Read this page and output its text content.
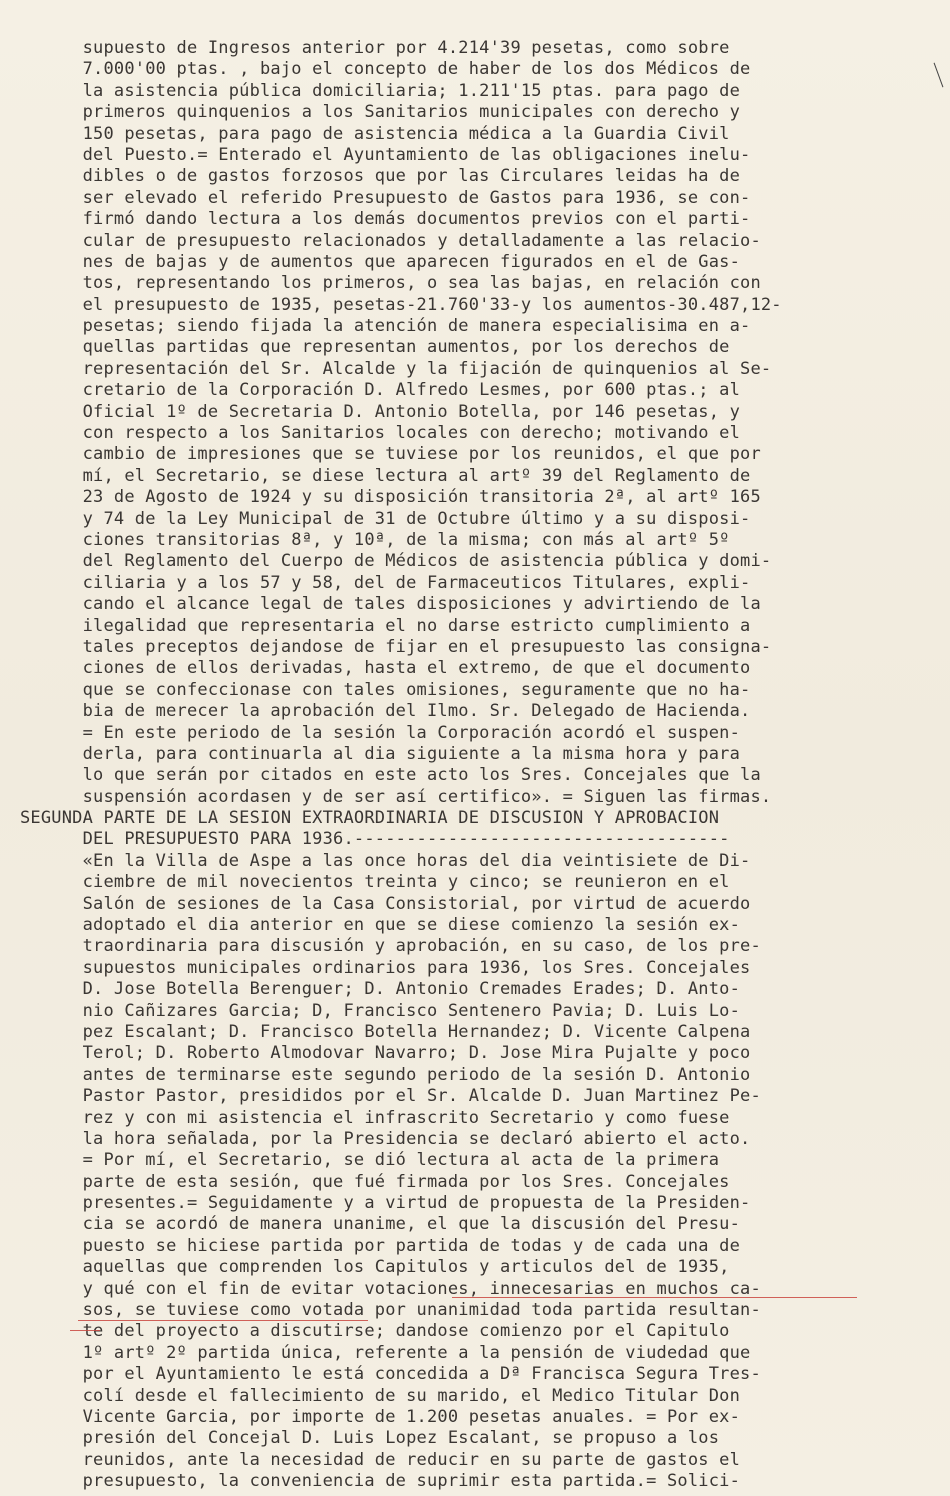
supuesto de Ingresos anterior por 4.214'39 pesetas, como sobre
7.000'00 ptas. , bajo el concepto de haber de los dos Médicos de
la asistencia pública domiciliaria; 1.211'15 ptas. para pago de
primeros quinquenios a los Sanitarios municipales con derecho y
150 pesetas, para pago de asistencia médica a la Guardia Civil
del Puesto.= Enterado el Ayuntamiento de las obligaciones inelu-
dibles o de gastos forzosos que por las Circulares leidas ha de
ser elevado el referido Presupuesto de Gastos para 1936, se con-
firmó dando lectura a los demás documentos previos con el parti-
cular de presupuesto relacionados y detalladamente a las relacio-
nes de bajas y de aumentos que aparecen figurados en el de Gas-
tos, representando los primeros, o sea las bajas, en relación con
el presupuesto de 1935, pesetas-21.760'33-y los aumentos-30.487,12-
pesetas; siendo fijada la atención de manera especialisima en a-
quellas partidas que representan aumentos, por los derechos de
representación del Sr. Alcalde y la fijación de quinquenios al Se-
cretario de la Corporación D. Alfredo Lesmes, por 600 ptas.; al
Oficial 1º de Secretaria D. Antonio Botella, por 146 pesetas, y
con respecto a los Sanitarios locales con derecho; motivando el
cambio de impresiones que se tuviese por los reunidos, el que por
mí, el Secretario, se diese lectura al artº 39 del Reglamento de
23 de Agosto de 1924 y su disposición transitoria 2ª, al artº 165
y 74 de la Ley Municipal de 31 de Octubre último y a su disposi-
ciones transitorias 8ª, y 10ª, de la misma; con más al artº 5º
del Reglamento del Cuerpo de Médicos de asistencia pública y domi-
ciliaria y a los 57 y 58, del de Farmaceuticos Titulares, expli-
cando el alcance legal de tales disposiciones y advirtiendo de la
ilegalidad que representaria el no darse estricto cumplimiento a
tales preceptos dejandose de fijar en el presupuesto las consigna-
ciones de ellos derivadas, hasta el extremo, de que el documento
que se confeccionase con tales omisiones, seguramente que no ha-
bia de merecer la aprobación del Ilmo. Sr. Delegado de Hacienda.
= En este periodo de la sesión la Corporación acordó el suspen-
derla, para continuarla al dia siguiente a la misma hora y para
lo que serán por citados en este acto los Sres. Concejales que la
suspensión acordasen y de ser así certifico». = Siguen las firmas.
SEGUNDA PARTE DE LA SESION EXTRAORDINARIA DE DISCUSION Y APROBACION
DEL PRESUPUESTO PARA 1936.------------------------------------
«En la Villa de Aspe a las once horas del dia veintisiete de Di-
ciembre de mil novecientos treinta y cinco; se reunieron en el
Salón de sesiones de la Casa Consistorial, por virtud de acuerdo
adoptado el dia anterior en que se diese comienzo la sesión ex-
traordinaria para discusión y aprobación, en su caso, de los pre-
supuestos municipales ordinarios para 1936, los Sres. Concejales
D. Jose Botella Berenguer; D. Antonio Cremades Erades; D. Anto-
nio Cañizares Garcia; D, Francisco Sentenero Pavia; D. Luis Lo-
pez Escalant; D. Francisco Botella Hernandez; D. Vicente Calpena
Terol; D. Roberto Almodovar Navarro; D. Jose Mira Pujalte y poco
antes de terminarse este segundo periodo de la sesión D. Antonio
Pastor Pastor, presididos por el Sr. Alcalde D. Juan Martinez Pe-
rez y con mi asistencia el infrascrito Secretario y como fuese
la hora señalada, por la Presidencia se declaró abierto el acto.
= Por mí, el Secretario, se dió lectura al acta de la primera
parte de esta sesión, que fué firmada por los Sres. Concejales
presentes.= Seguidamente y a virtud de propuesta de la Presiden-
cia se acordó de manera unanime, el que la discusión del Presu-
puesto se hiciese partida por partida de todas y de cada una de
aquellas que comprenden los Capitulos y articulos del de 1935,
y qué con el fin de evitar votaciones, innecesarias en muchos ca-
sos, se tuviese como votada por unanimidad toda partida resultan-
te del proyecto a discutirse; dandose comienzo por el Capitulo
1º artº 2º partida única, referente a la pensión de viudedad que
por el Ayuntamiento le está concedida a Dª Francisca Segura Tres-
colí desde el fallecimiento de su marido, el Medico Titular Don
Vicente Garcia, por importe de 1.200 pesetas anuales. = Por ex-
presión del Concejal D. Luis Lopez Escalant, se propuso a los
reunidos, ante la necesidad de reducir en su parte de gastos el
presupuesto, la conveniencia de suprimir esta partida.= Solici-
